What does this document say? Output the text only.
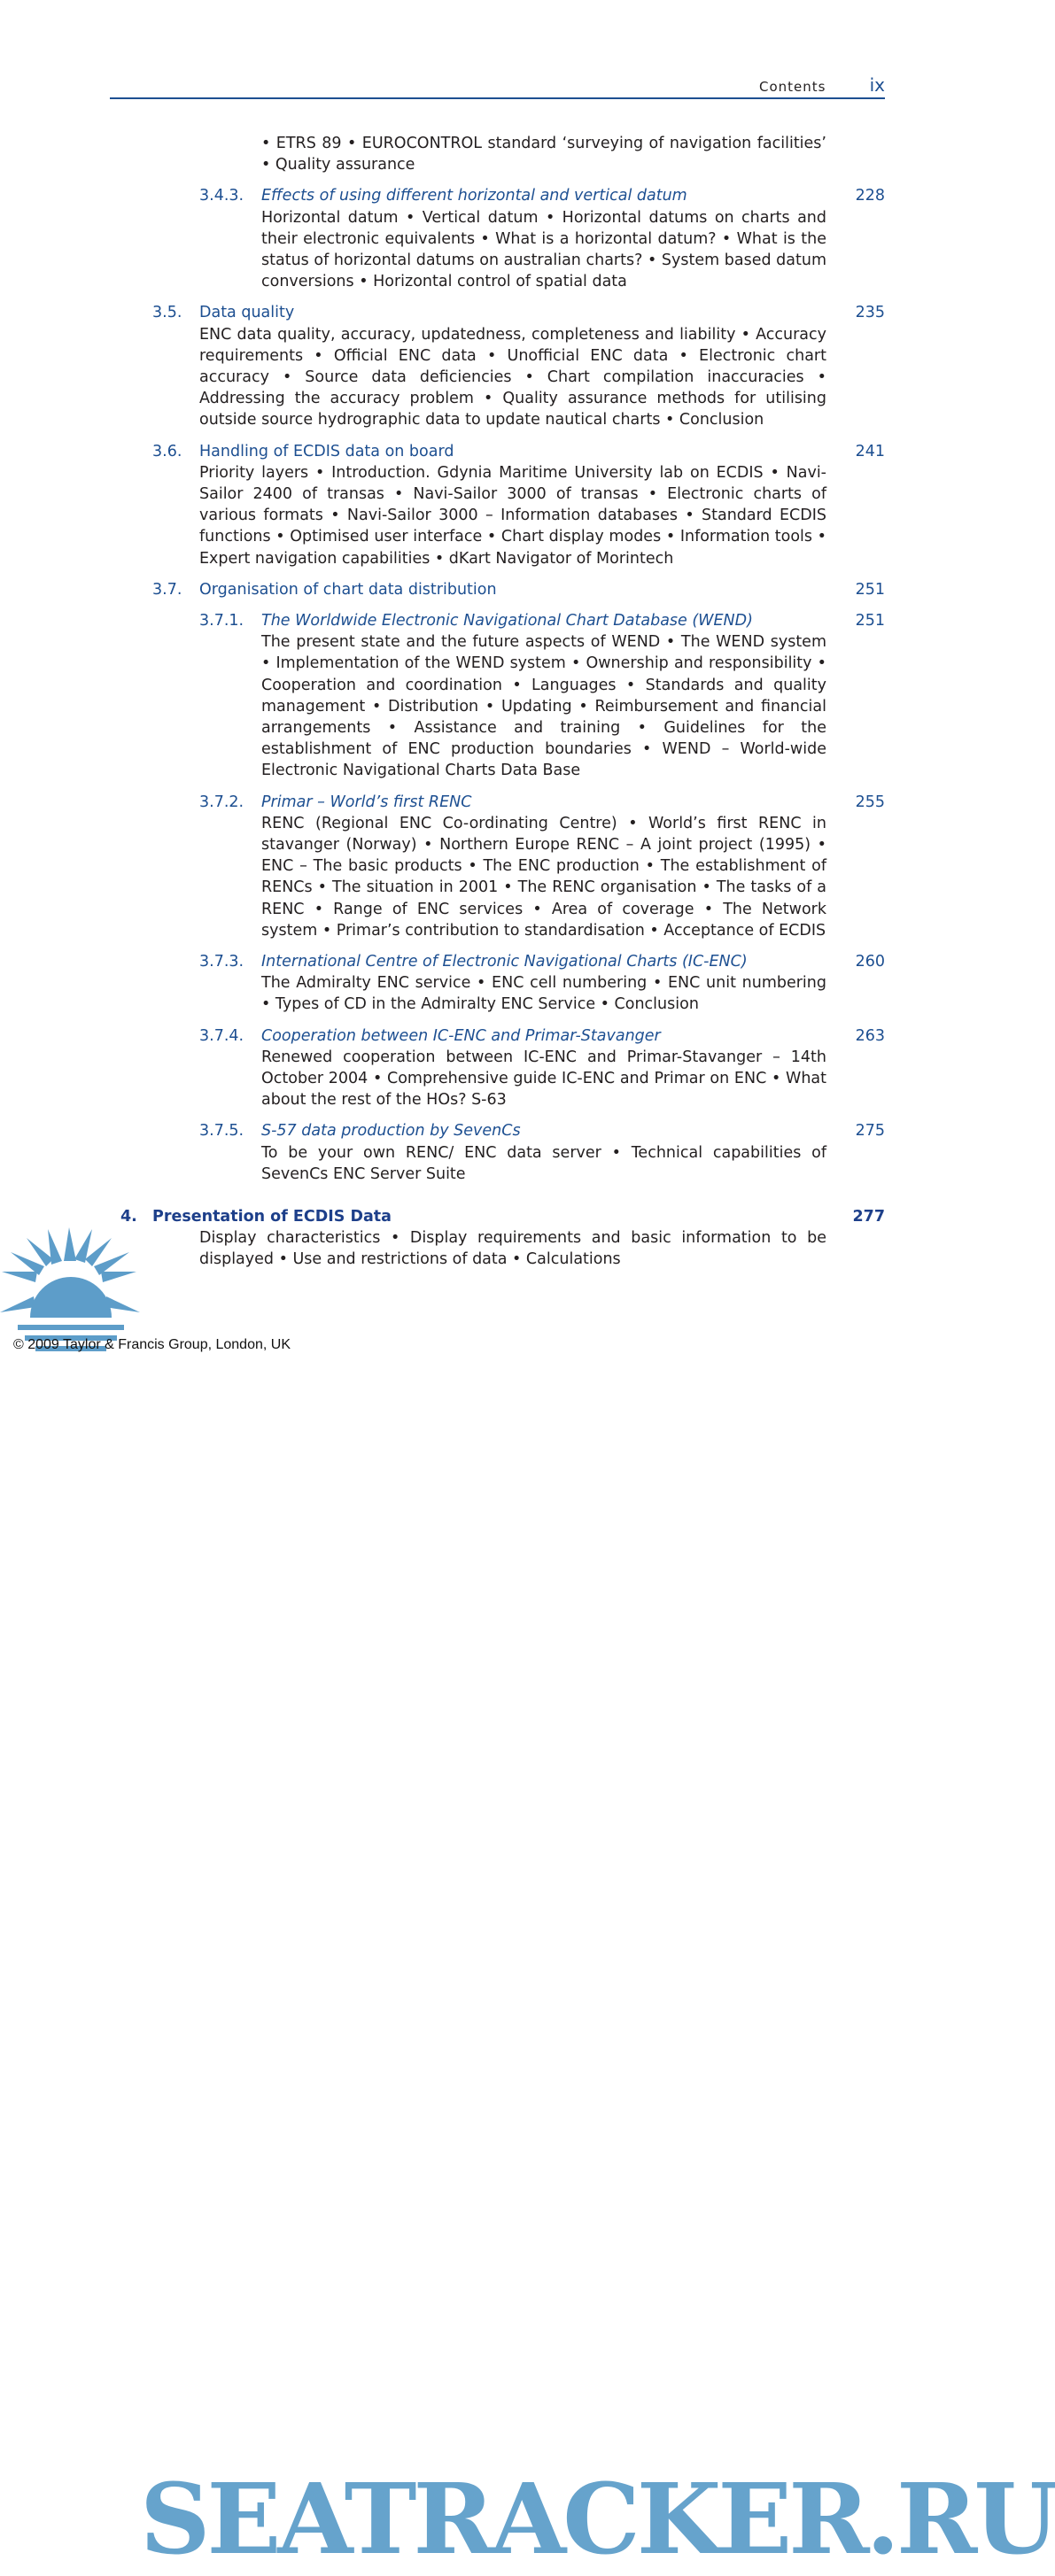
Contents ix
• ETRS 89 • EUROCONTROL standard ‘surveying of navigation facilities’ • Quality assurance
3.4.3. Effects of using different horizontal and vertical datum	228
Horizontal datum • Vertical datum • Horizontal datums on charts and their electronic equivalents • What is a horizontal datum? • What is the status of horizontal datums on australian charts? • System based datum conversions • Horizontal control of spatial data
3.5. Data quality	235
ENC data quality, accuracy, updatedness, completeness and liability • Accuracy requirements • Official ENC data • Unofficial ENC data • Electronic chart accuracy • Source data deficiencies • Chart compilation inaccuracies • Addressing the accuracy problem • Quality assurance methods for utilising outside source hydrographic data to update nautical charts • Conclusion
3.6. Handling of ECDIS data on board	241
Priority layers • Introduction. Gdynia Maritime University lab on ECDIS • Navi-Sailor 2400 of transas • Navi-Sailor 3000 of transas • Electronic charts of various formats • Navi-Sailor 3000 – Information databases • Standard ECDIS functions • Optimised user interface • Chart display modes • Information tools • Expert navigation capabilities • dKart Navigator of Morintech
3.7. Organisation of chart data distribution	251
3.7.1. The Worldwide Electronic Navigational Chart Database (WEND)	251
The present state and the future aspects of WEND • The WEND system • Implementation of the WEND system • Ownership and responsibility • Cooperation and coordination • Languages • Standards and quality management • Distribution • Updating • Reimbursement and financial arrangements • Assistance and training • Guidelines for the establishment of ENC production boundaries • WEND – World-wide Electronic Navigational Charts Data Base
3.7.2. Primar – World’s first RENC	255
RENC (Regional ENC Co-ordinating Centre) • World’s first RENC in stavanger (Norway) • Northern Europe RENC – A joint project (1995) • ENC – The basic products • The ENC production • The establishment of RENCs • The situation in 2001 • The RENC organisation • The tasks of a RENC • Range of ENC services • Area of coverage • The Network system • Primar’s contribution to standardisation • Acceptance of ECDIS
3.7.3. International Centre of Electronic Navigational Charts (IC-ENC)	260
The Admiralty ENC service • ENC cell numbering • ENC unit numbering • Types of CD in the Admiralty ENC Service • Conclusion
3.7.4. Cooperation between IC-ENC and Primar-Stavanger	263
Renewed cooperation between IC-ENC and Primar-Stavanger – 14th October 2004 • Comprehensive guide IC-ENC and Primar on ENC • What about the rest of the HOs? S-63
3.7.5. S-57 data production by SevenCs	275
To be your own RENC/ ENC data server • Technical capabilities of SevenCs ENC Server Suite
4. Presentation of ECDIS Data	277
Display characteristics • Display requirements and basic information to be displayed • Use and restrictions of data • Calculations
SEATRACKER.RU
© 2009 Taylor & Francis Group, London, UK
